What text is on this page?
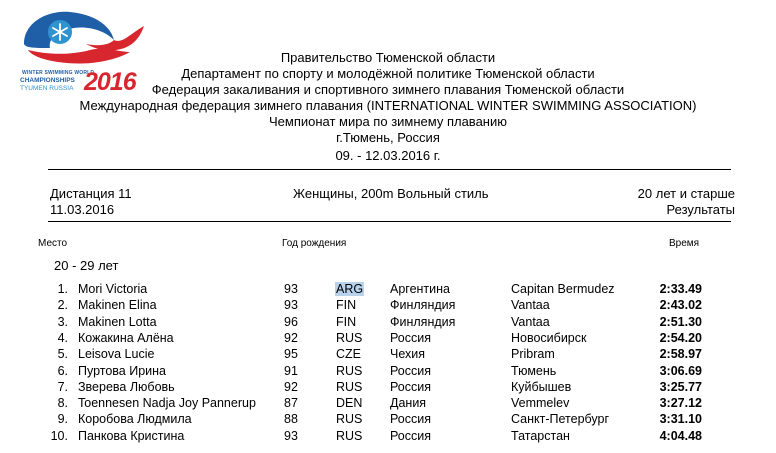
WINTER SWIMMING WORLD
CHAMPIONSHIPS
TYUMEN RUSSIA 2016
Правительство Тюменской области
Департамент по спорту и молодёжной политике Тюменской области
Федерация закаливания и спортивного зимнего плавания Тюменской области
Международная федерация зимнего плавания (INTERNATIONAL WINTER SWIMMING ASSOCIATION)
Чемпионат мира по зимнему плаванию
г.Тюмень, Россия
09. - 12.03.2016 г.
Дистанция 11
11.03.2016
Женщины, 200m Вольный стиль	20 лет и старше
Результаты
Место	Год рождения	Время
20 - 29 лет
1. Mori Victoria	93	ARG Аргентина	Capitan Bermudez	2:33.49
2. Makinen Elina	93	FIN	Финляндия	Vantaa	2:43.02
3. Makinen Lotta	96	FIN	Финляндия	Vantaa	2:51.30
4. Кожакина Алёна	92	RUS Россия	Новосибирск	2:54.20
5. Leisova Lucie	95	CZE Чехия	Pribram	2:58.97
6. Пуртова Ирина	91	RUS Россия	Тюмень	3:06.69
7. Зверева Любовь	92	RUS Россия	Куйбышев	3:25.77
8. Toennesen Nadja Joy Pannerup 87	DEN Дания	Vemmelev	3:27.12
9. Коробова Людмила	88	RUS Россия	Санкт-Петербург	3:31.10
10. Панкова Кристина	93	RUS Россия	Татарстан	4:04.48
